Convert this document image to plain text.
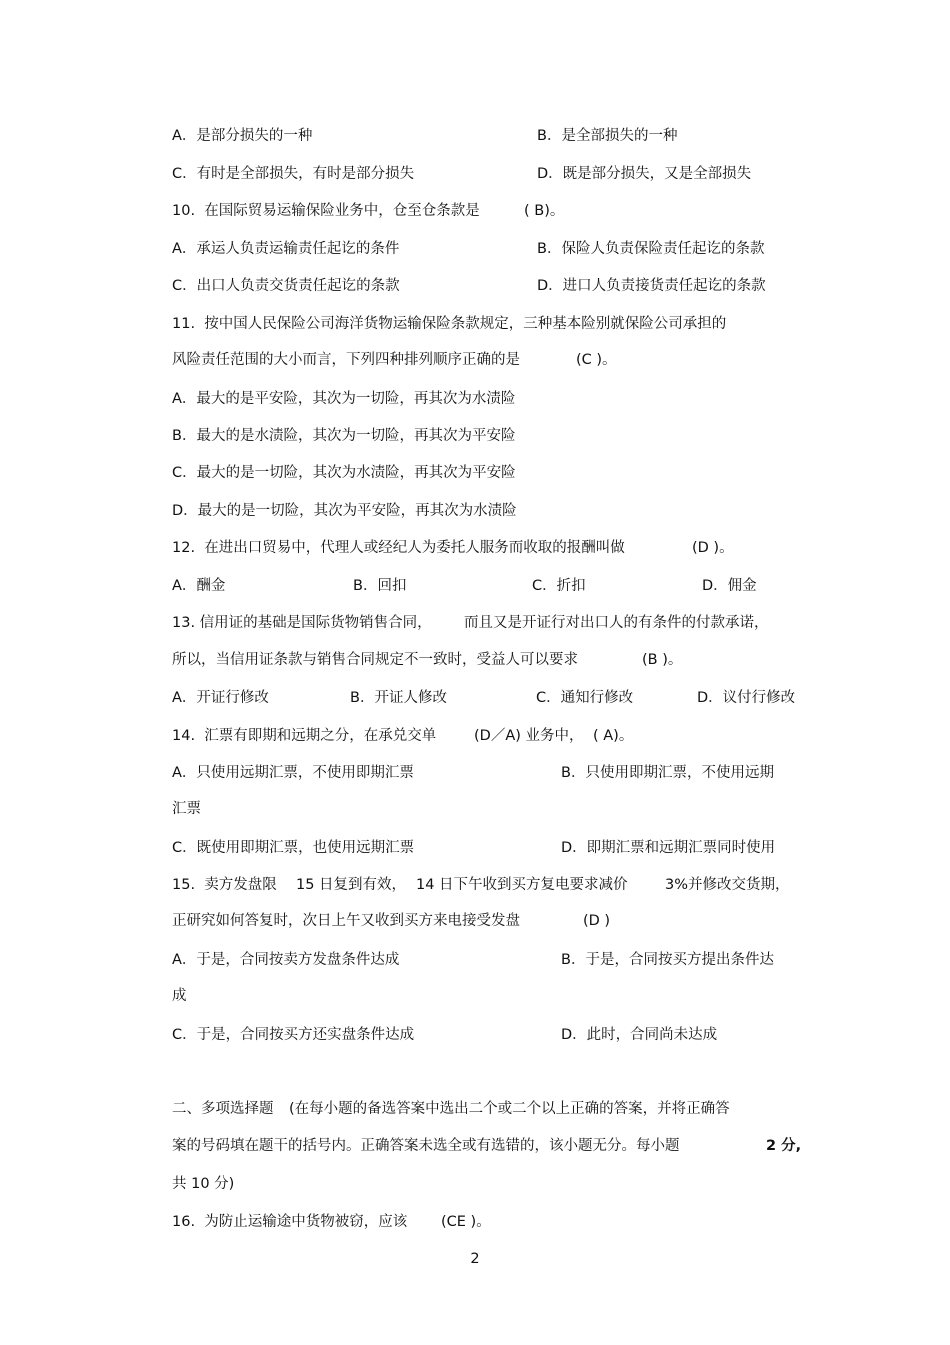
A．是部分损失的一种	B．是全部损失的一种
C．有时是全部损失，有时是部分损失	D．既是部分损失，又是全部损失
10.  在国际贸易运输保险业务中，仓至仓条款是	( B)。
A．承运人负责运输责任起讫的条件	B．保险人负责保险责任起讫的条款
C．出口人负责交货责任起讫的条款	D．进口人负责接货责任起讫的条款
11.  按中国人民保险公司海洋货物运输保险条款规定，三种基本险别就保险公司承担的
风险责任范围的大小而言，下列四种排列顺序正确的是	(C )。
A．最大的是平安险，其次为一切险，再其次为水渍险
B．最大的是水渍险，其次为一切险，再其次为平安险
C．最大的是一切险，其次为水渍险，再其次为平安险
D．最大的是一切险，其次为平安险，再其次为水渍险
12.  在进出口贸易中，代理人或经纪人为委托人服务而收取的报酬叫做	(D )。
A．酬金	B．回扣	C．折扣	D．佣金
13. 信用证的基础是国际货物销售合同， 而且又是开证行对出口人的有条件的付款承诺，
所以，当信用证条款与销售合同规定不一致时，受益人可以要求	(B )。
A．开证行修改	B．开证人修改	C．通知行修改	D．议付行修改
14.  汇票有即期和远期之分，在承兑交单	(D／A) 业务中， ( A)。
A．只使用远期汇票，不使用即期汇票	B．只使用即期汇票，不使用远期
汇票
C．既使用即期汇票，也使用远期汇票	D．即期汇票和远期汇票同时使用
15.  卖方发盘限 15 日复到有效， 14 日下午收到买方复电要求减价	3%并修改交货期，
正研究如何答复时，次日上午又收到买方来电接受发盘	(D )
A．于是，合同按卖方发盘条件达成	B．于是，合同按买方提出条件达
成
C．于是，合同按买方还实盘条件达成	D．此时，合同尚未达成
二、多项选择题 (在每小题的备选答案中选出二个或二个以上正确的答案，并将正确答
案的号码填在题干的括号内。正确答案未选全或有选错的，该小题无分。每小题	2 分,
共 10 分)
16.  为防止运输途中货物被窃，应该 (CE )。
2
